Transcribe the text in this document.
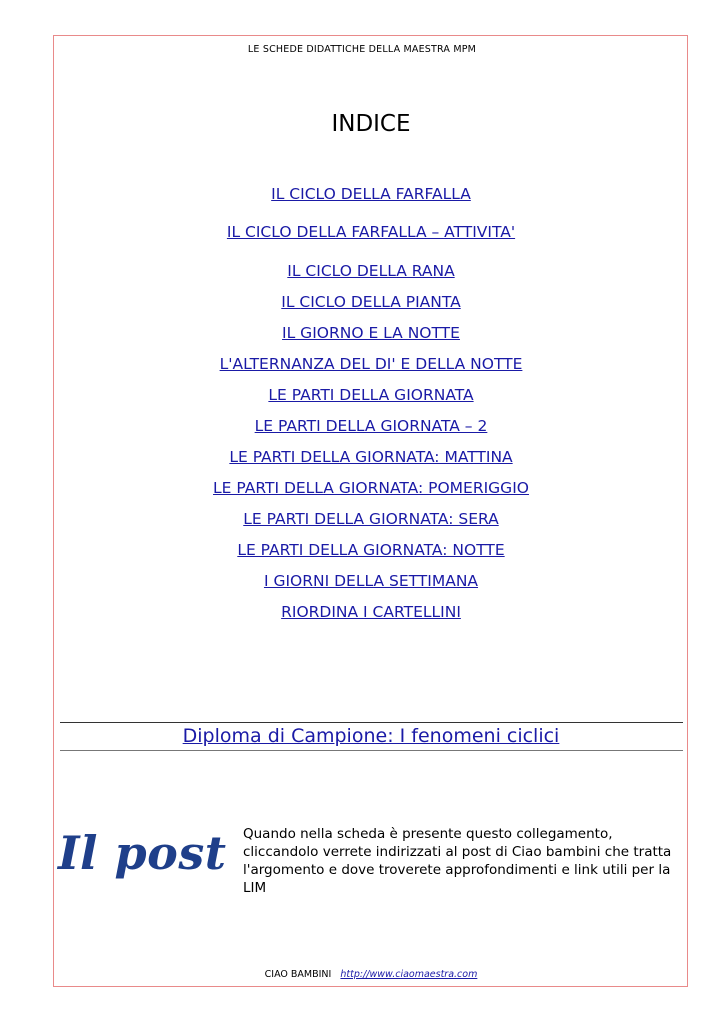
LE SCHEDE DIDATTICHE DELLA MAESTRA MPM
INDICE
IL CICLO DELLA FARFALLA
IL CICLO DELLA FARFALLA – ATTIVITA'
IL CICLO DELLA RANA
IL CICLO DELLA PIANTA
IL GIORNO E LA NOTTE
L'ALTERNANZA DEL DI' E DELLA NOTTE
LE PARTI DELLA GIORNATA
LE PARTI DELLA GIORNATA – 2
LE PARTI DELLA GIORNATA: MATTINA
LE PARTI DELLA GIORNATA: POMERIGGIO
LE PARTI DELLA GIORNATA: SERA
LE PARTI DELLA GIORNATA: NOTTE
I GIORNI DELLA SETTIMANA
RIORDINA I CARTELLINI
Diploma di Campione: I fenomeni ciclici
Il post Quando nella scheda è presente questo collegamento, cliccandolo verrete indirizzati al post di Ciao bambini che tratta l'argomento e dove troverete approfondimenti e link utili per la LIM
CIAO BAMBINI http://www.ciaomaestra.com
